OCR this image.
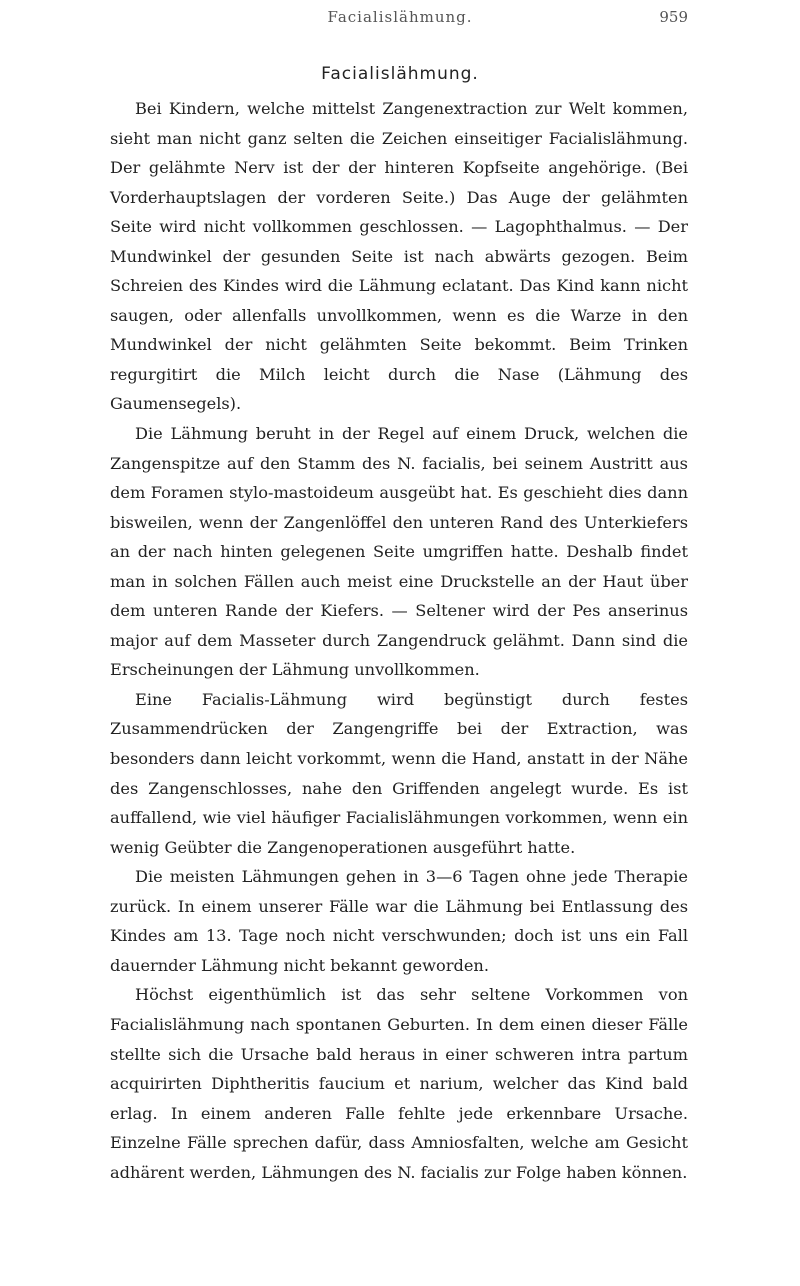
Facialislähmung.	959
Facialislähmung.

Bei Kindern, welche mittelst Zangenextraction zur Welt kommen, sieht man nicht ganz selten die Zeichen einseitiger Facialislähmung. Der gelähmte Nerv ist der der hinteren Kopfseite angehörige. (Bei Vorderhauptslagen der vorderen Seite.) Das Auge der gelähmten Seite wird nicht vollkommen geschlossen. — Lagophthalmus. — Der Mundwinkel der gesunden Seite ist nach abwärts gezogen. Beim Schreien des Kindes wird die Lähmung eclatant. Das Kind kann nicht saugen, oder allenfalls unvollkommen, wenn es die Warze in den Mundwinkel der nicht gelähmten Seite bekommt. Beim Trinken regurgitirt die Milch leicht durch die Nase (Lähmung des Gaumensegels).

Die Lähmung beruht in der Regel auf einem Druck, welchen die Zangenspitze auf den Stamm des N. facialis, bei seinem Austritt aus dem Foramen stylo-mastoideum ausgeübt hat. Es geschieht dies dann bisweilen, wenn der Zangenlöffel den unteren Rand des Unterkiefers an der nach hinten gelegenen Seite umgriffen hatte. Deshalb findet man in solchen Fällen auch meist eine Druckstelle an der Haut über dem unteren Rande der Kiefers. — Seltener wird der Pes anserinus major auf dem Masseter durch Zangendruck gelähmt. Dann sind die Erscheinungen der Lähmung unvollkommen.

Eine Facialis-Lähmung wird begünstigt durch festes Zusammendrücken der Zangengriffe bei der Extraction, was besonders dann leicht vorkommt, wenn die Hand, anstatt in der Nähe des Zangenschlosses, nahe den Griffenden angelegt wurde. Es ist auffallend, wie viel häufiger Facialislähmungen vorkommen, wenn ein wenig Geübter die Zangenoperationen ausgeführt hatte.

Die meisten Lähmungen gehen in 3—6 Tagen ohne jede Therapie zurück. In einem unserer Fälle war die Lähmung bei Entlassung des Kindes am 13. Tage noch nicht verschwunden; doch ist uns ein Fall dauernder Lähmung nicht bekannt geworden.

Höchst eigenthümlich ist das sehr seltene Vorkommen von Facialislähmung nach spontanen Geburten. In dem einen dieser Fälle stellte sich die Ursache bald heraus in einer schweren intra partum acquirirten Diphtheritis faucium et narium, welcher das Kind bald erlag. In einem anderen Falle fehlte jede erkennbare Ursache. Einzelne Fälle sprechen dafür, dass Amniosfalten, welche am Gesicht adhärent werden, Lähmungen des N. facialis zur Folge haben können.
